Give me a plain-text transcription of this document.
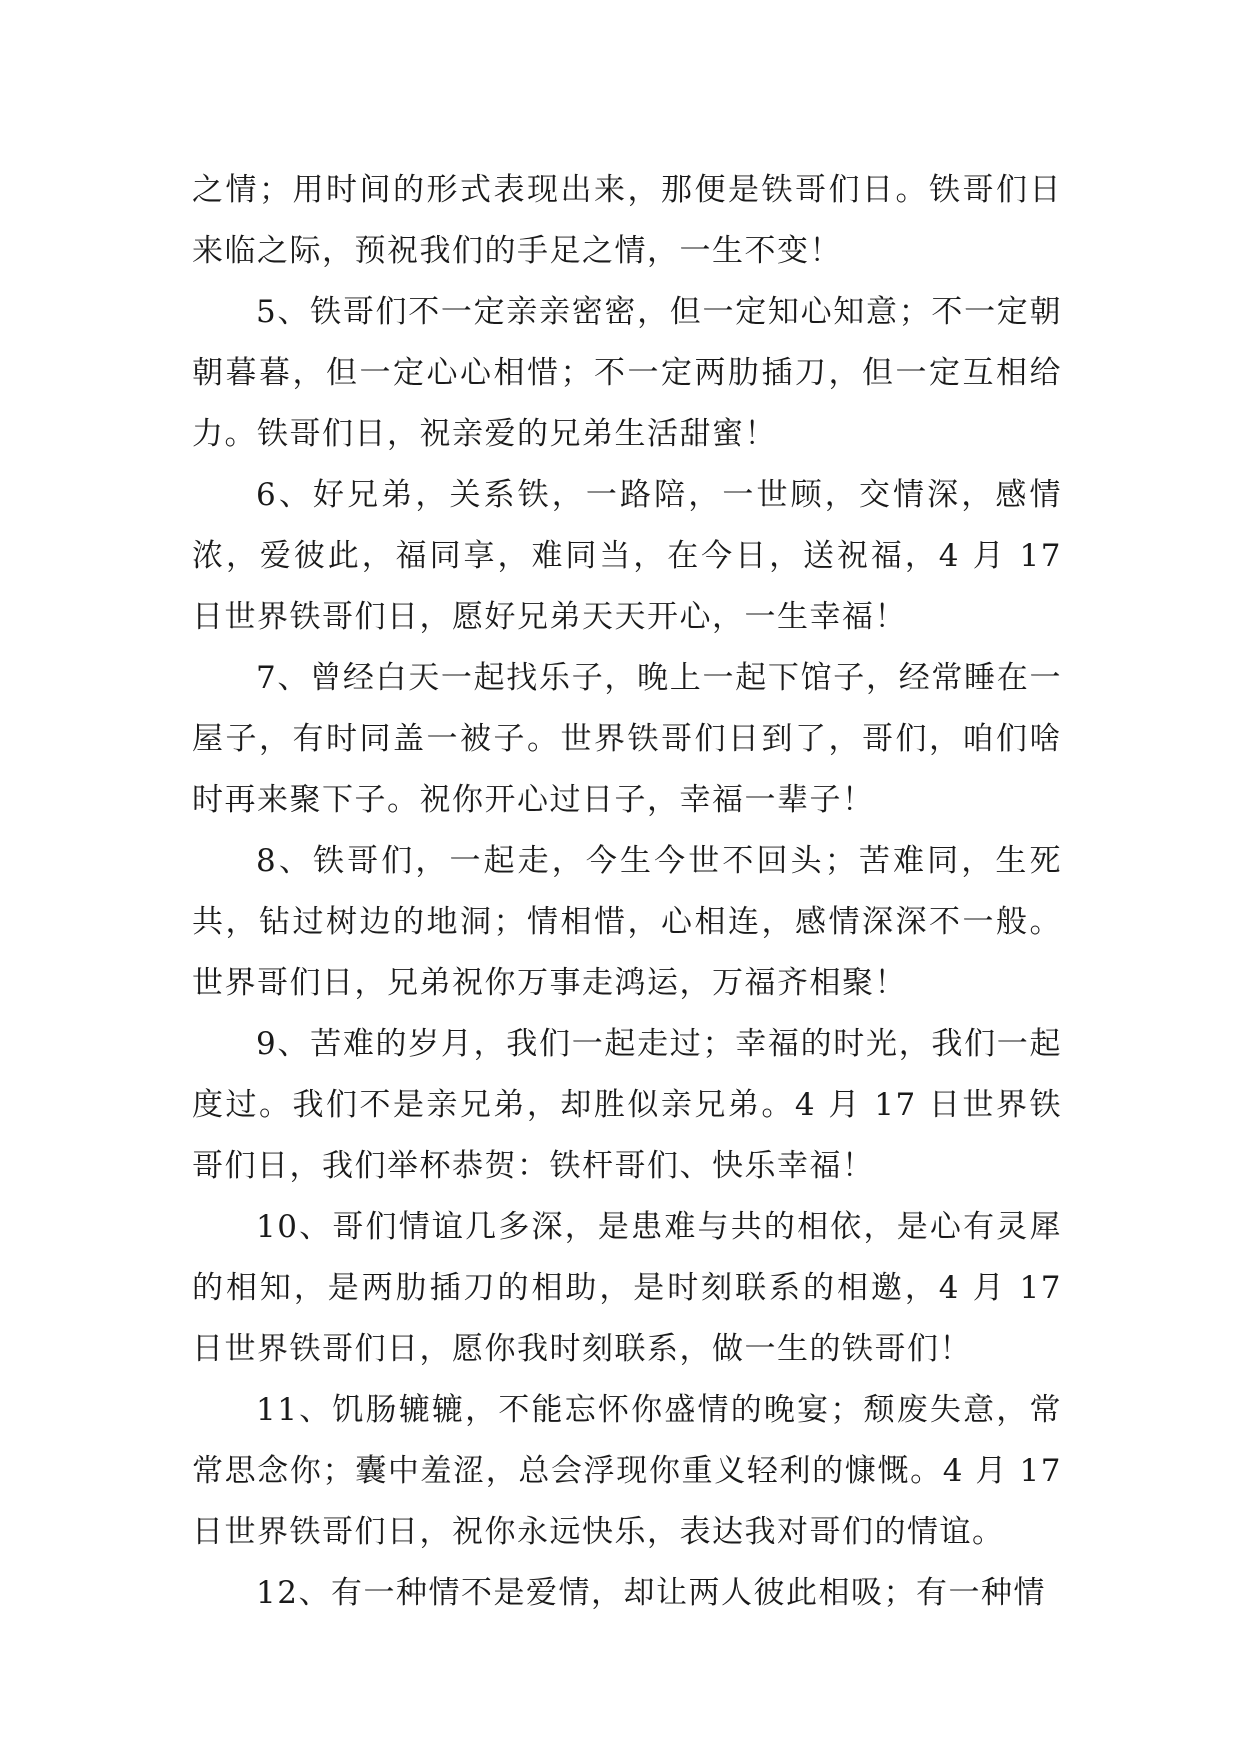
之情；用时间的形式表现出来，那便是铁哥们日。铁哥们日来临之际，预祝我们的手足之情，一生不变！

5、铁哥们不一定亲亲密密，但一定知心知意；不一定朝朝暮暮，但一定心心相惜；不一定两肋插刀，但一定互相给力。铁哥们日，祝亲爱的兄弟生活甜蜜！

6、好兄弟，关系铁，一路陪，一世顾，交情深，感情浓，爱彼此，福同享，难同当，在今日，送祝福，4 月 17 日世界铁哥们日，愿好兄弟天天开心，一生幸福！

7、曾经白天一起找乐子，晚上一起下馆子，经常睡在一屋子，有时同盖一被子。世界铁哥们日到了，哥们，咱们啥时再来聚下子。祝你开心过日子，幸福一辈子！

8、铁哥们，一起走，今生今世不回头；苦难同，生死共，钻过树边的地洞；情相惜，心相连，感情深深不一般。世界哥们日，兄弟祝你万事走鸿运，万福齐相聚！

9、苦难的岁月，我们一起走过；幸福的时光，我们一起度过。我们不是亲兄弟，却胜似亲兄弟。4 月 17 日世界铁哥们日，我们举杯恭贺：铁杆哥们、快乐幸福！

10、哥们情谊几多深，是患难与共的相依，是心有灵犀的相知，是两肋插刀的相助，是时刻联系的相邀，4 月 17 日世界铁哥们日，愿你我时刻联系，做一生的铁哥们！

11、饥肠辘辘，不能忘怀你盛情的晚宴；颓废失意，常常思念你；囊中羞涩，总会浮现你重义轻利的慷慨。4 月 17 日世界铁哥们日，祝你永远快乐，表达我对哥们的情谊。

12、有一种情不是爱情，却让两人彼此相吸；有一种情
